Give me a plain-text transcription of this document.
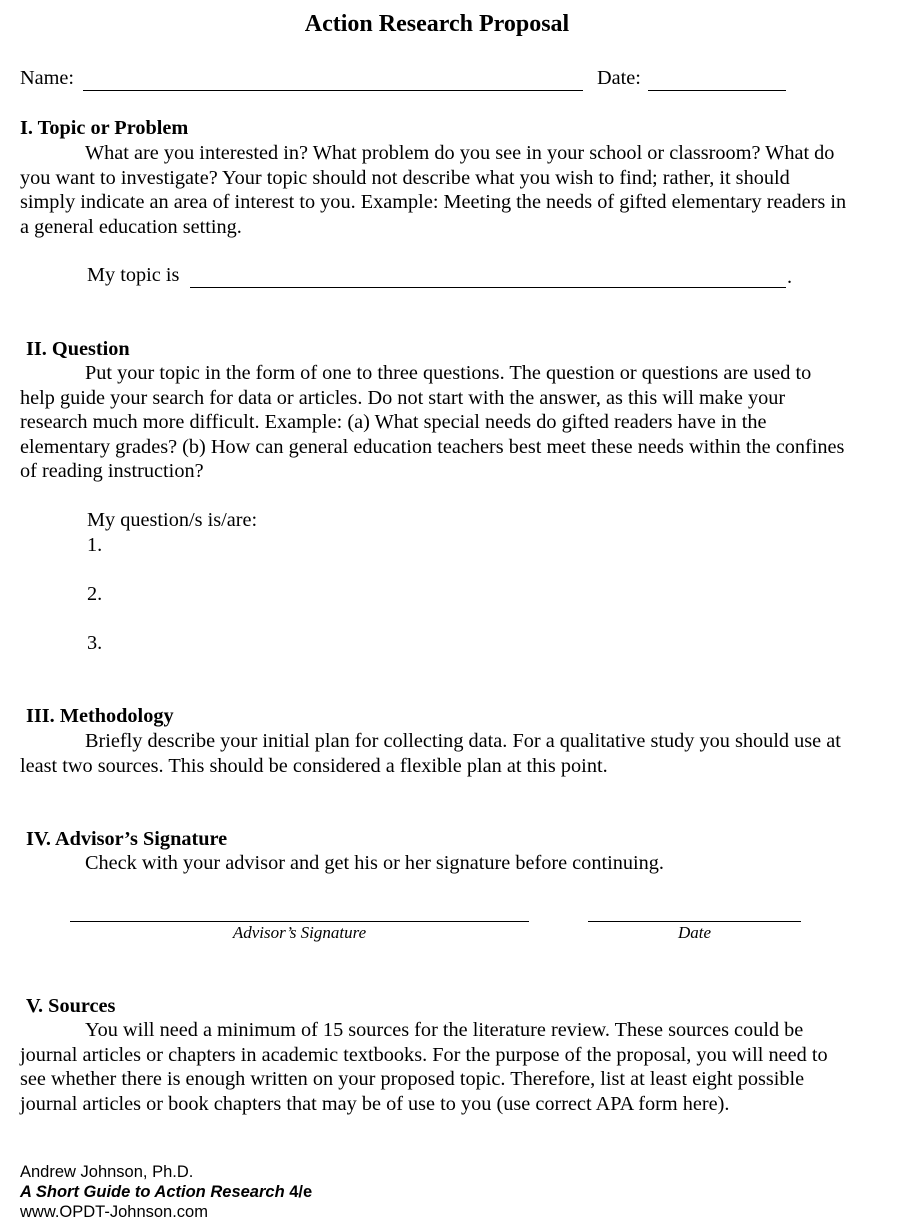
Action Research Proposal
Name:	Date:
I. Topic or Problem
What are you interested in? What problem do you see in your school or classroom? What do you want to investigate? Your topic should not describe what you wish to find; rather, it should simply indicate an area of interest to you. Example: Meeting the needs of gifted elementary readers in a general education setting.
My topic is	.
II. Question
Put your topic in the form of one to three questions. The question or questions are used to help guide your search for data or articles. Do not start with the answer, as this will make your research much more difficult. Example: (a) What special needs do gifted readers have in the elementary grades? (b) How can general education teachers best meet these needs within the confines of reading instruction?
My question/s is/are:
1.
2.
3.
III. Methodology
Briefly describe your initial plan for collecting data. For a qualitative study you should use at least two sources. This should be considered a flexible plan at this point.
IV. Advisor’s Signature
Check with your advisor and get his or her signature before continuing.
Advisor’s Signature	Date
V. Sources
You will need a minimum of 15 sources for the literature review. These sources could be journal articles or chapters in academic textbooks. For the purpose of the proposal, you will need to see whether there is enough written on your proposed topic. Therefore, list at least eight possible journal articles or book chapters that may be of use to you (use correct APA form here).
Andrew Johnson, Ph.D.
A Short Guide to Action Research 4/e
www.OPDT-Johnson.com
